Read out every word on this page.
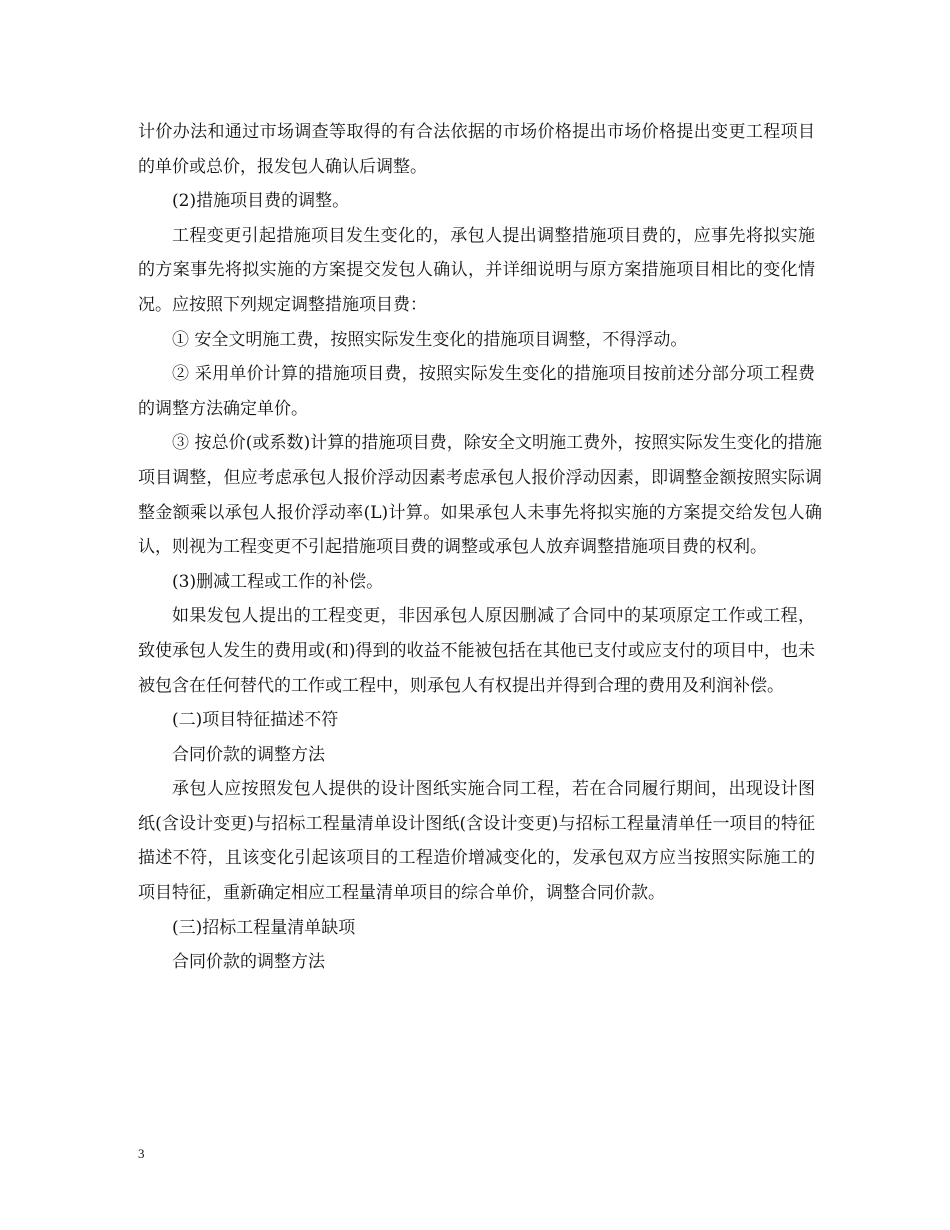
计价办法和通过市场调查等取得的有合法依据的市场价格提出市场价格提出变更工程项目的单价或总价，报发包人确认后调整。

(2)措施项目费的调整。

工程变更引起措施项目发生变化的，承包人提出调整措施项目费的，应事先将拟实施的方案事先将拟实施的方案提交发包人确认，并详细说明与原方案措施项目相比的变化情况。应按照下列规定调整措施项目费：

① 安全文明施工费，按照实际发生变化的措施项目调整，不得浮动。

② 采用单价计算的措施项目费，按照实际发生变化的措施项目按前述分部分项工程费的调整方法确定单价。

③ 按总价(或系数)计算的措施项目费，除安全文明施工费外，按照实际发生变化的措施项目调整，但应考虑承包人报价浮动因素考虑承包人报价浮动因素，即调整金额按照实际调整金额乘以承包人报价浮动率(L)计算。如果承包人未事先将拟实施的方案提交给发包人确认，则视为工程变更不引起措施项目费的调整或承包人放弃调整措施项目费的权利。

(3)删减工程或工作的补偿。

如果发包人提出的工程变更，非因承包人原因删减了合同中的某项原定工作或工程，致使承包人发生的费用或(和)得到的收益不能被包括在其他已支付或应支付的项目中，也未被包含在任何替代的工作或工程中，则承包人有权提出并得到合理的费用及利润补偿。

(二)项目特征描述不符

合同价款的调整方法

承包人应按照发包人提供的设计图纸实施合同工程，若在合同履行期间，出现设计图纸(含设计变更)与招标工程量清单设计图纸(含设计变更)与招标工程量清单任一项目的特征描述不符，且该变化引起该项目的工程造价增减变化的，发承包双方应当按照实际施工的项目特征，重新确定相应工程量清单项目的综合单价，调整合同价款。

(三)招标工程量清单缺项

合同价款的调整方法

3
